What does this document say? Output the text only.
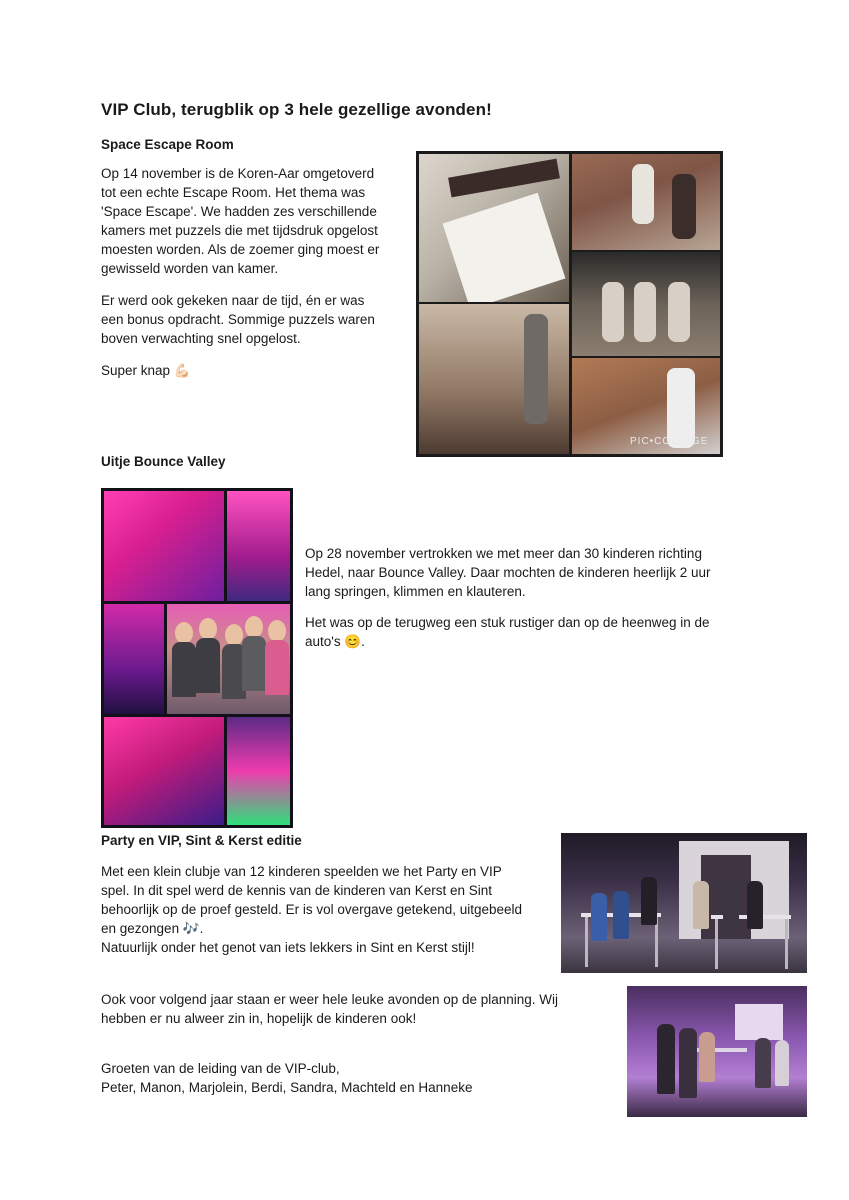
VIP Club, terugblik op 3 hele gezellige avonden!
Space Escape Room
Op 14 november is de Koren-Aar omgetoverd
tot een echte Escape Room. Het thema was
'Space Escape'. We hadden zes verschillende
kamers met puzzels die met tijdsdruk opgelost
moesten worden. Als de zoemer ging moest er
gewisseld worden van kamer.
Er werd ook gekeken naar de tijd, én er was
een bonus opdracht. Sommige puzzels waren
boven verwachting snel opgelost.
Super knap 💪🏻
PIC•COLLAGE
Uitje Bounce Valley
Op 28 november vertrokken we met meer dan 30 kinderen richting
Hedel, naar Bounce Valley. Daar mochten de kinderen heerlijk 2 uur
lang springen, klimmen en klauteren.
Het was op de terugweg een stuk rustiger dan op de heenweg in de
auto's 😊.
Party en VIP, Sint & Kerst editie
Met een klein clubje van 12 kinderen speelden we het Party en VIP
spel. In dit spel werd de kennis van de kinderen van Kerst en Sint
behoorlijk op de proef gesteld. Er is vol overgave getekend, uitgebeeld
en gezongen 🎶.
Natuurlijk onder het genot van iets lekkers in Sint en Kerst stijl!
Ook voor volgend jaar staan er weer hele leuke avonden op de planning. Wij
hebben er nu alweer zin in, hopelijk de kinderen ook!
Groeten van de leiding van de VIP-club,
Peter, Manon, Marjolein, Berdi, Sandra, Machteld en Hanneke
